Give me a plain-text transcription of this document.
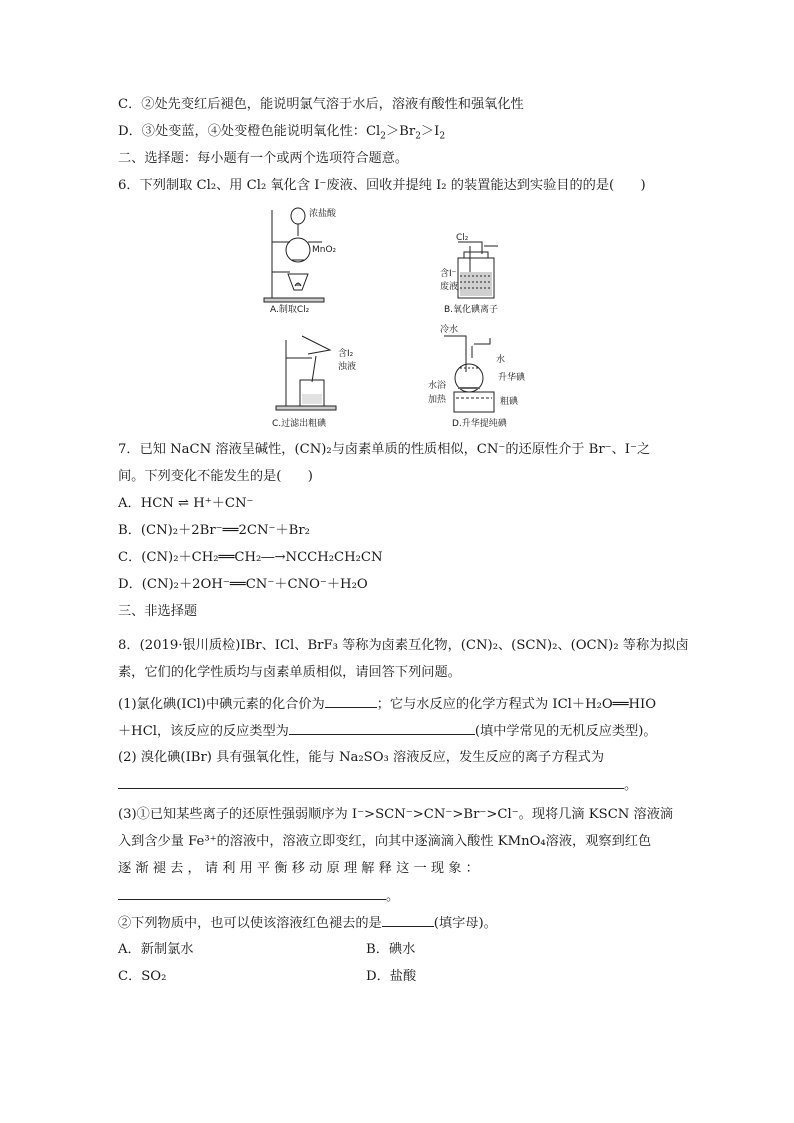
C．②处先变红后褪色，能说明氯气溶于水后，溶液有酸性和强氧化性
D．③处变蓝，④处变橙色能说明氧化性：$Cl_2>Br_2>I_2$
二、选择题：每小题有一个或两个选项符合题意。
6．下列制取 Cl₂、用 Cl₂ 氧化含 I⁻废液、回收并提纯 I₂ 的装置能达到实验目的的是(　　)
浓盐酸
MnO₂
A.制取Cl₂
Cl₂
含I⁻
废液
B.氧化碘离子
含I₂
浊液
C.过滤出粗碘
冷水
水
升华碘
水浴
加热	粗碘
D.升华提纯碘
7．已知 NaCN 溶液呈碱性，(CN)₂与卤素单质的性质相似，CN⁻的还原性介于 Br⁻、I⁻之
间。下列变化不能发生的是(　　)
A．HCN ⇌ H⁺＋CN⁻
B．(CN)₂＋2Br⁻══2CN⁻＋Br₂
C．(CN)₂＋CH₂══CH₂―→NCCH₂CH₂CN
D．(CN)₂＋2OH⁻══CN⁻＋CNO⁻＋H₂O
三、非选择题
8．(2019·银川质检)IBr、ICl、BrF₃ 等称为卤素互化物，(CN)₂、(SCN)₂、(OCN)₂ 等称为拟卤
素，它们的化学性质均与卤素单质相似，请回答下列问题。
(1)氯化碘(ICl)中碘元素的化合价为	；它与水反应的化学方程式为 ICl＋H₂O══HIO
＋HCl，该反应的反应类型为	(填中学常见的无机反应类型)。
(2) 溴化碘(IBr) 具有强氧化性，能与 Na₂SO₃ 溶液反应，发生反应的离子方程式为
。
(3)①已知某些离子的还原性强弱顺序为 I⁻>SCN⁻>CN⁻>Br⁻>Cl⁻。现将几滴 KSCN 溶液滴
入到含少量 Fe³⁺的溶液中，溶液立即变红，向其中逐滴滴入酸性 KMnO₄溶液，观察到红色
逐 渐 褪 去 ， 请 利 用 平 衡 移 动 原 理 解 释 这 一 现 象 ：
。
②下列物质中，也可以使该溶液红色褪去的是	(填字母)。
A．新制氯水	B．碘水
C．SO₂	D．盐酸
